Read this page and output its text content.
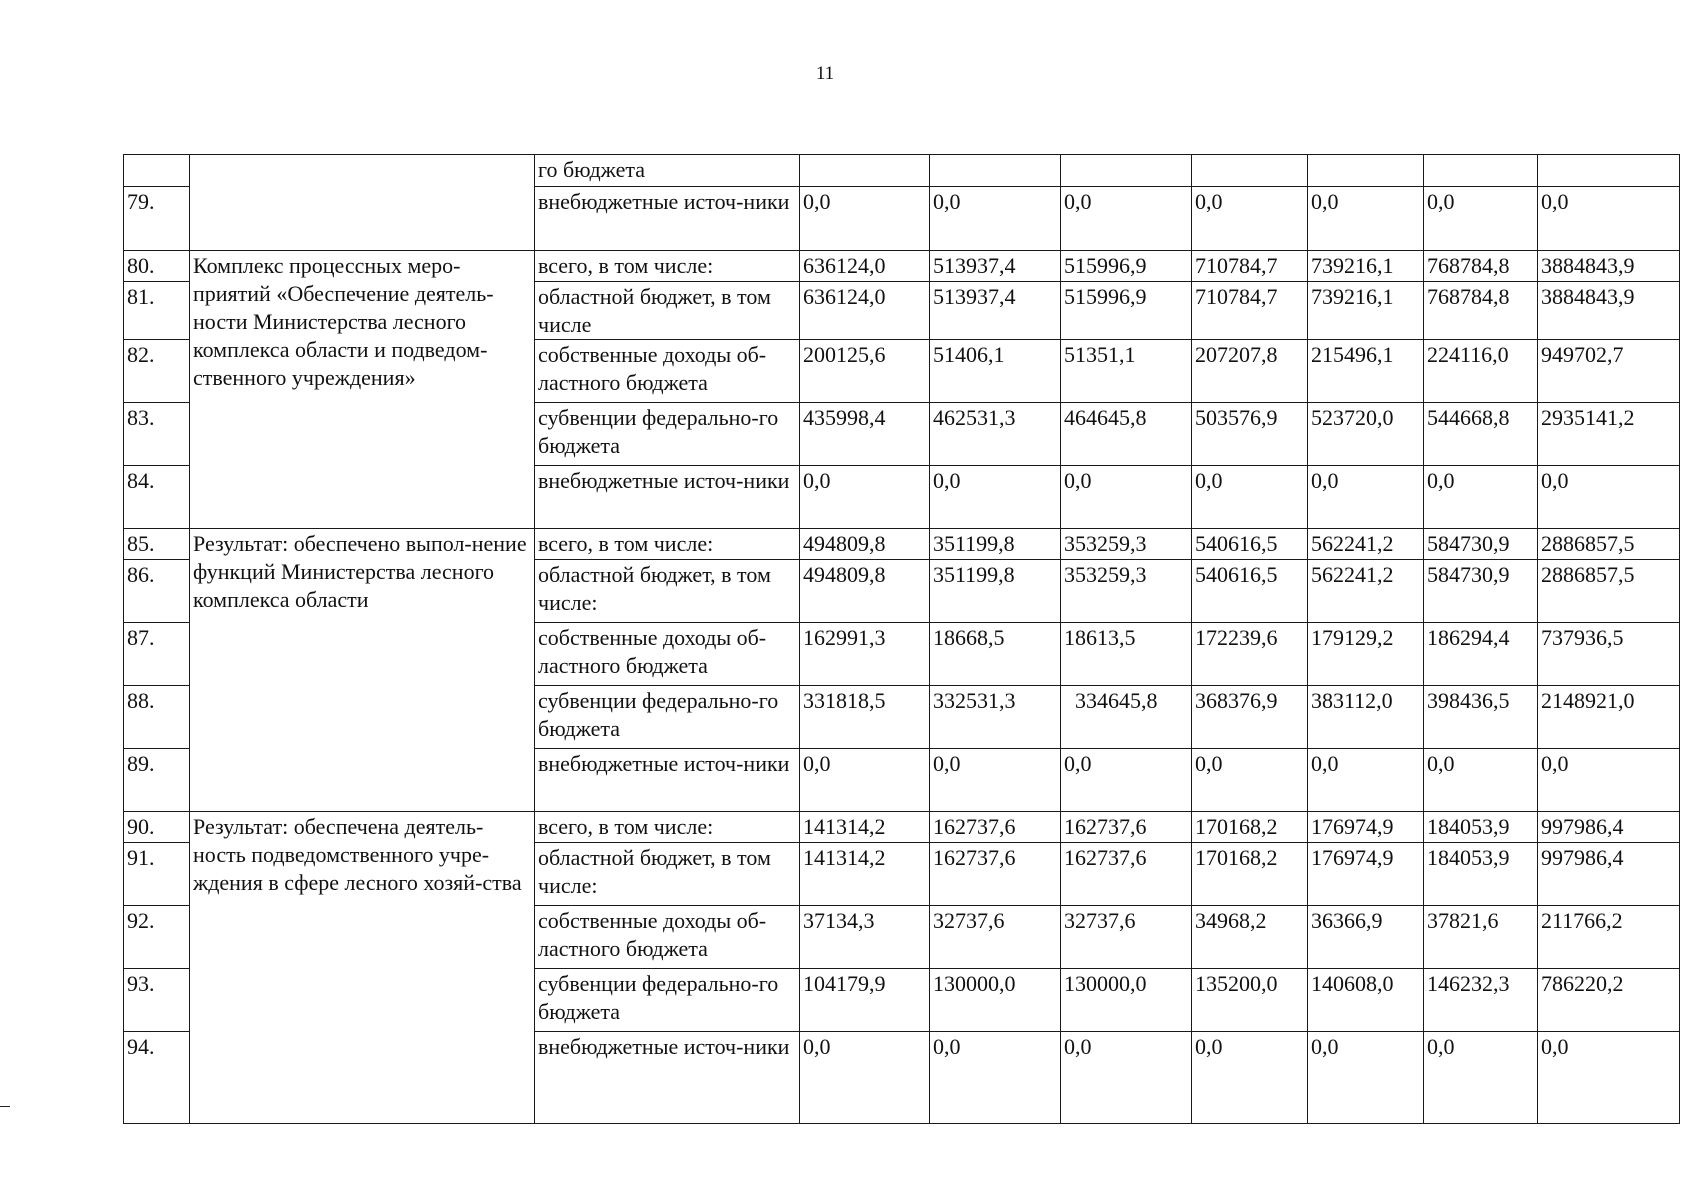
11
		го бюджета							
79.		внебюджетные источ-ники	0,0	0,0	0,0	0,0	0,0	0,0	0,0
80.	Комплекс процессных меро-приятий «Обеспечение деятель-ности Министерства лесного комплекса области и подведом-ственного учреждения»	всего, в том числе:	636124,0	513937,4	515996,9	710784,7	739216,1	768784,8	3884843,9
81.		областной бюджет, в том числе	636124,0	513937,4	515996,9	710784,7	739216,1	768784,8	3884843,9
82.		собственные доходы об-ластного бюджета	200125,6	51406,1	51351,1	207207,8	215496,1	224116,0	949702,7
83.		субвенции федерально-го бюджета	435998,4	462531,3	464645,8	503576,9	523720,0	544668,8	2935141,2
84.		внебюджетные источ-ники	0,0	0,0	0,0	0,0	0,0	0,0	0,0
85.	Результат: обеспечено выпол-нение функций Министерства лесного комплекса области	всего, в том числе:	494809,8	351199,8	353259,3	540616,5	562241,2	584730,9	2886857,5
86.		областной бюджет, в том числе:	494809,8	351199,8	353259,3	540616,5	562241,2	584730,9	2886857,5
87.		собственные доходы об-ластного бюджета	162991,3	18668,5	18613,5	172239,6	179129,2	186294,4	737936,5
88.		субвенции федерально-го бюджета	331818,5	332531,3	334645,8	368376,9	383112,0	398436,5	2148921,0
89.		внебюджетные источ-ники	0,0	0,0	0,0	0,0	0,0	0,0	0,0
90.	Результат: обеспечена деятель-ность подведомственного учре-ждения в сфере лесного хозяй-ства	всего, в том числе:	141314,2	162737,6	162737,6	170168,2	176974,9	184053,9	997986,4
91.		областной бюджет, в том числе:	141314,2	162737,6	162737,6	170168,2	176974,9	184053,9	997986,4
92.		собственные доходы об-ластного бюджета	37134,3	32737,6	32737,6	34968,2	36366,9	37821,6	211766,2
93.		субвенции федерально-го бюджета	104179,9	130000,0	130000,0	135200,0	140608,0	146232,3	786220,2
94.		внебюджетные источ-ники	0,0	0,0	0,0	0,0	0,0	0,0	0,0
